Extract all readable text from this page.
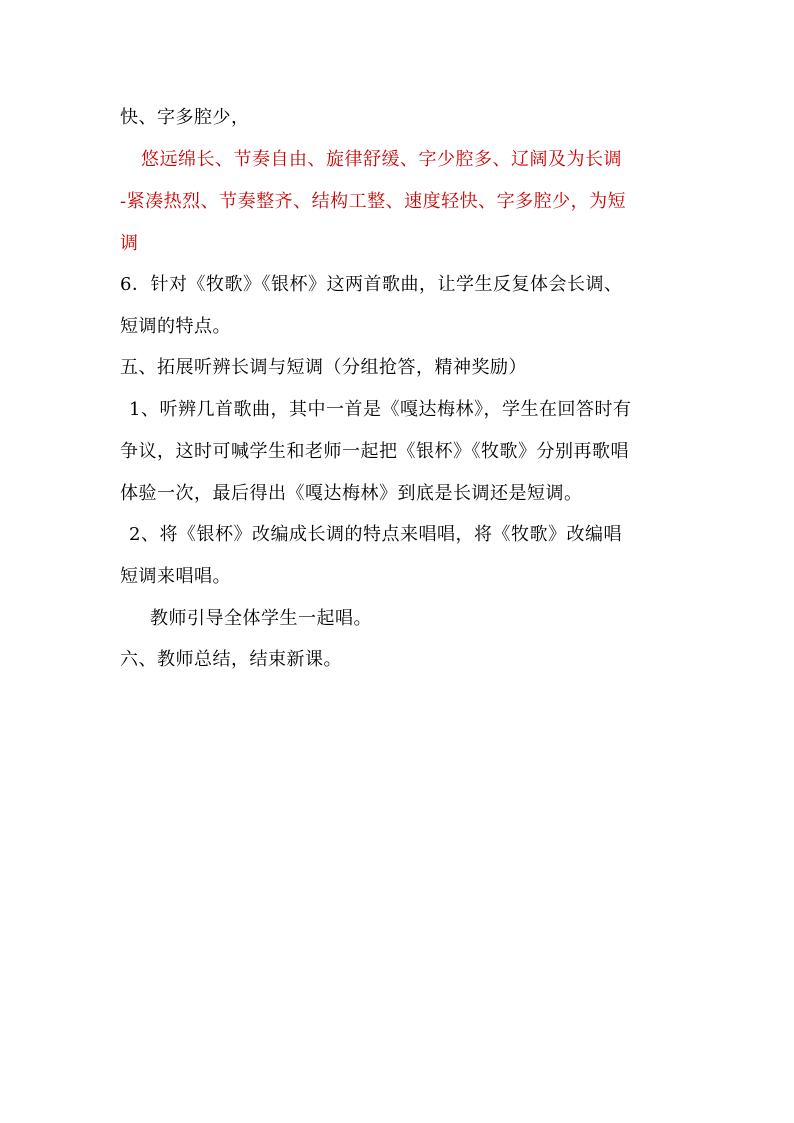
快、字多腔少，
悠远绵长、节奏自由、旋律舒缓、字少腔多、辽阔及为长调
-紧凑热烈、节奏整齐、结构工整、速度轻快、字多腔少，为短
调
6．针对《牧歌》《银杯》这两首歌曲，让学生反复体会长调、
短调的特点。
五、拓展听辨长调与短调（分组抢答，精神奖励）
1、听辨几首歌曲，其中一首是《嘎达梅林》，学生在回答时有
争议，这时可喊学生和老师一起把《银杯》《牧歌》分别再歌唱
体验一次，最后得出《嘎达梅林》到底是长调还是短调。
2、将《银杯》改编成长调的特点来唱唱，将《牧歌》改编唱
短调来唱唱。
教师引导全体学生一起唱。
六、教师总结，结束新课。
